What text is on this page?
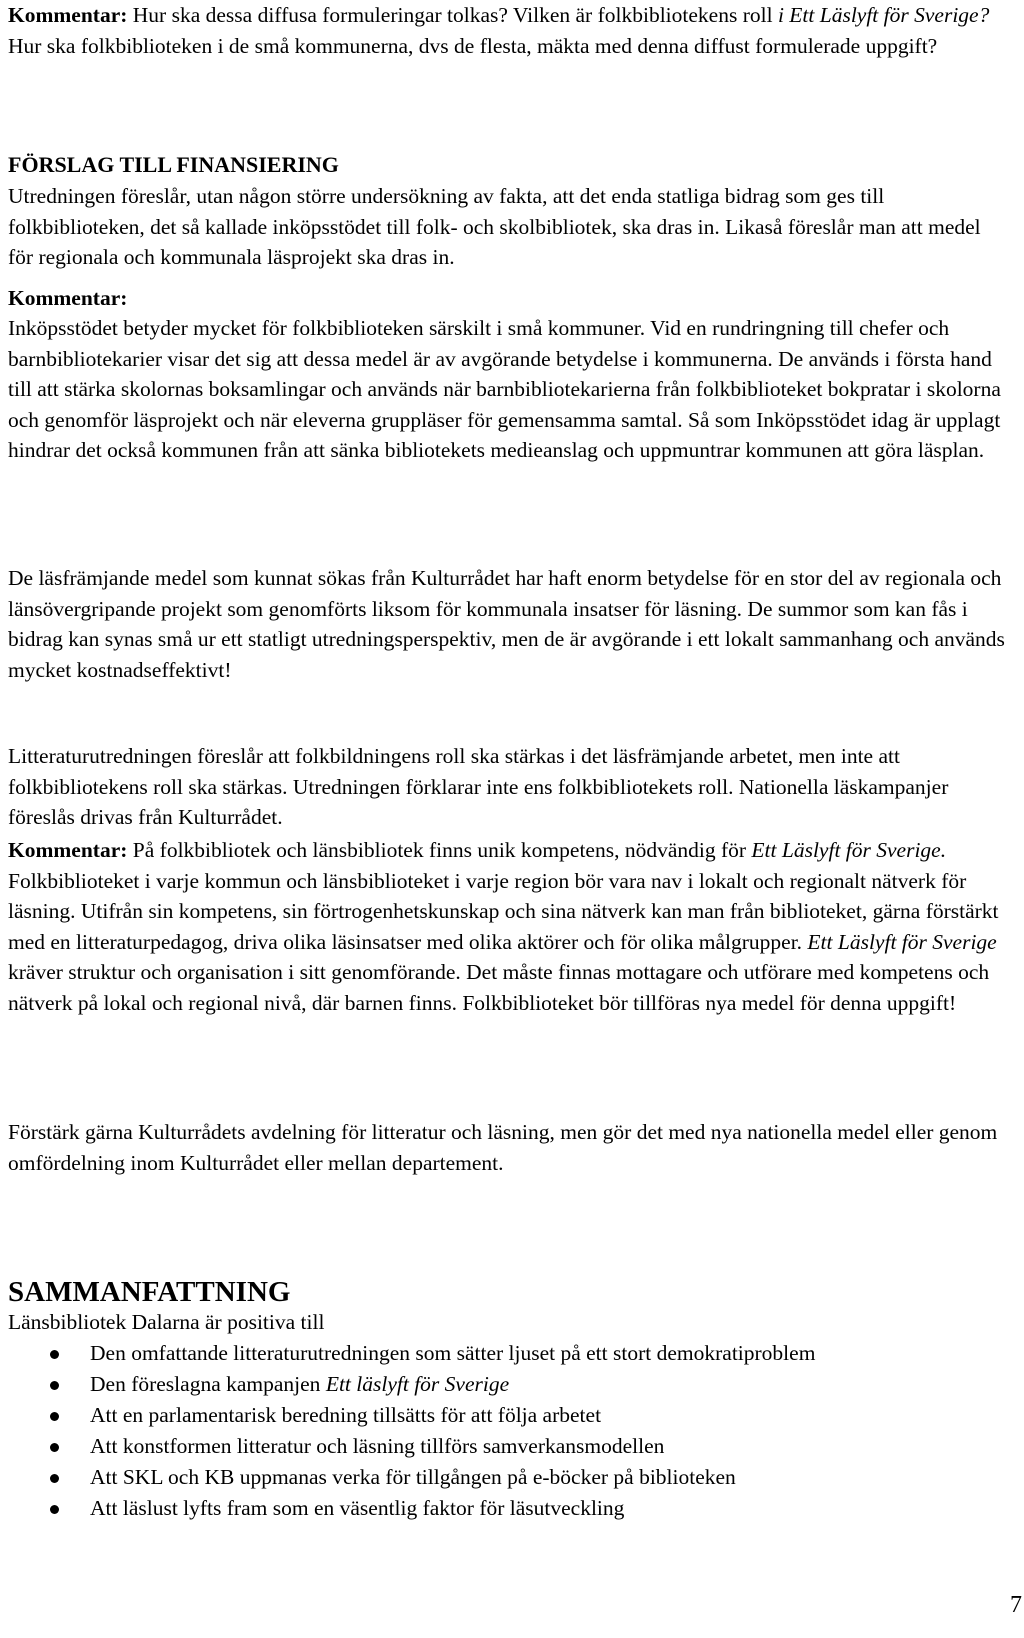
Kommentar: Hur ska dessa diffusa formuleringar tolkas? Vilken är folkbibliotekens roll i Ett Läslyft för Sverige? Hur ska folkbiblioteken i de små kommunerna, dvs de flesta, mäkta med denna diffust formulerade uppgift?

FÖRSLAG TILL FINANSIERING

Utredningen föreslår, utan någon större undersökning av fakta, att det enda statliga bidrag som ges till folkbiblioteken, det så kallade inköpsstödet till folk- och skolbibliotek, ska dras in. Likaså föreslår man att medel för regionala och kommunala läsprojekt ska dras in.

Kommentar:

Inköpsstödet betyder mycket för folkbiblioteken särskilt i små kommuner. Vid en rundringning till chefer och barnbibliotekarier visar det sig att dessa medel är av avgörande betydelse i kommunerna. De används i första hand till att stärka skolornas boksamlingar och används när barnbibliotekarierna från folkbiblioteket bokpratar i skolorna och genomför läsprojekt och när eleverna gruppläser för gemensamma samtal. Så som Inköpsstödet idag är upplagt hindrar det också kommunen från att sänka bibliotekets medieanslag och uppmuntrar kommunen att göra läsplan.

De läsfrämjande medel som kunnat sökas från Kulturrådet har haft enorm betydelse för en stor del av regionala och länsövergripande projekt som genomförts liksom för kommunala insatser för läsning. De summor som kan fås i bidrag kan synas små ur ett statligt utredningsperspektiv, men de är avgörande i ett lokalt sammanhang och används mycket kostnadseffektivt!

Litteraturutredningen föreslår att folkbildningens roll ska stärkas i det läsfrämjande arbetet, men inte att folkbibliotekens roll ska stärkas. Utredningen förklarar inte ens folkbibliotekets roll. Nationella läskampanjer föreslås drivas från Kulturrådet.

Kommentar: På folkbibliotek och länsbibliotek finns unik kompetens, nödvändig för Ett Läslyft för Sverige. Folkbiblioteket i varje kommun och länsbiblioteket i varje region bör vara nav i lokalt och regionalt nätverk för läsning. Utifrån sin kompetens, sin förtrogenhetskunskap och sina nätverk kan man från biblioteket, gärna förstärkt med en litteraturpedagog, driva olika läsinsatser med olika aktörer och för olika målgrupper. Ett Läslyft för Sverige kräver struktur och organisation i sitt genomförande. Det måste finnas mottagare och utförare med kompetens och nätverk på lokal och regional nivå, där barnen finns. Folkbiblioteket bör tillföras nya medel för denna uppgift!

Förstärk gärna Kulturrådets avdelning för litteratur och läsning, men gör det med nya nationella medel eller genom omfördelning inom Kulturrådet eller mellan departement.

SAMMANFATTNING

Länsbibliotek Dalarna är positiva till

Den omfattande litteraturutredningen som sätter ljuset på ett stort demokratiproblem
Den föreslagna kampanjen Ett läslyft för Sverige
Att en parlamentarisk beredning tillsätts för att följa arbetet
Att konstformen litteratur och läsning tillförs samverkansmodellen
Att SKL och KB uppmanas verka för tillgången på e-böcker på biblioteken
Att läslust lyfts fram som en väsentlig faktor för läsutveckling
7
